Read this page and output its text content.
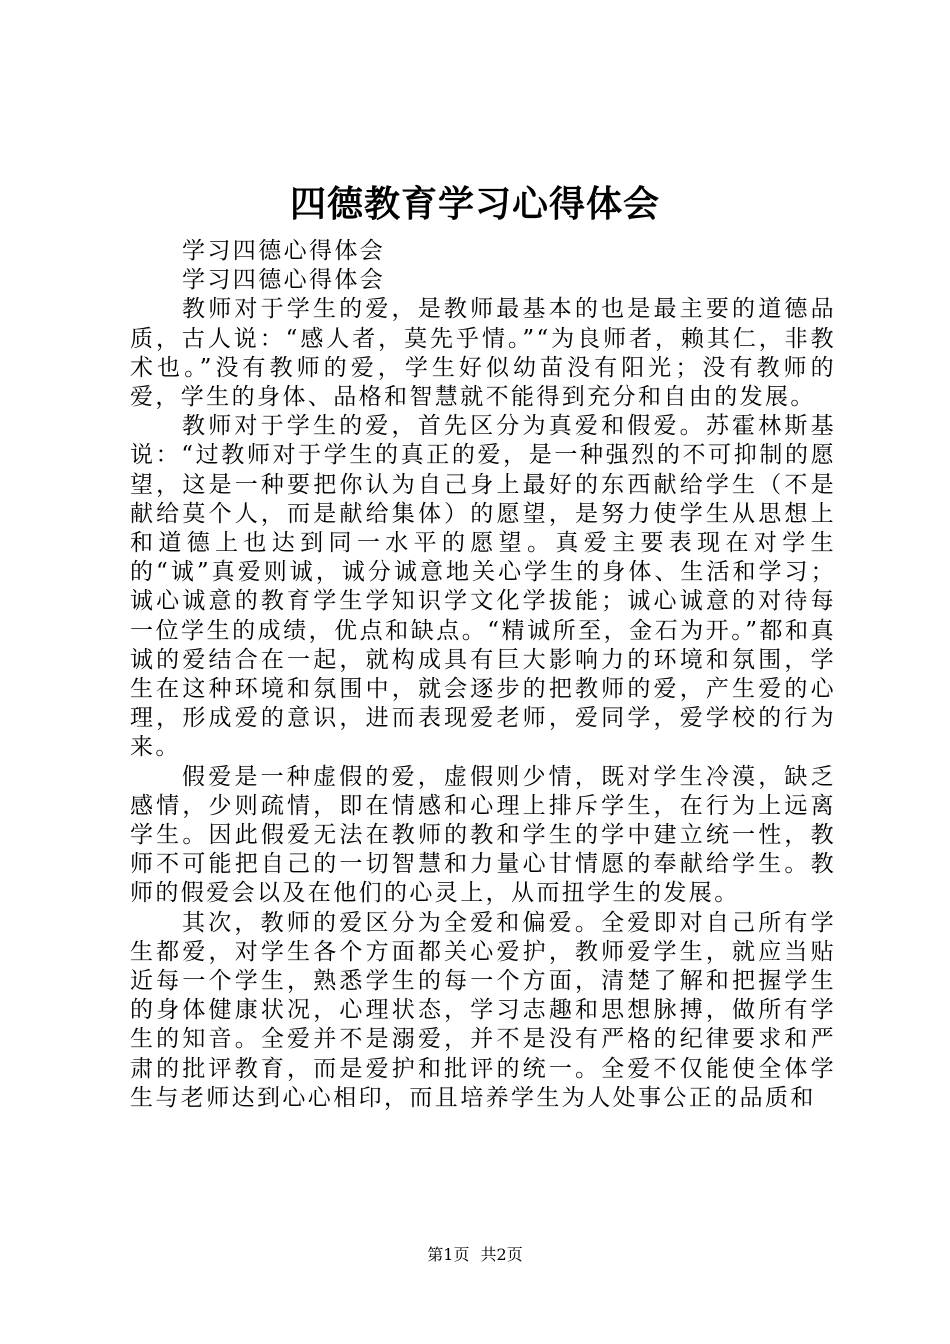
四德教育学习心得体会

学习四德心得体会

学习四德心得体会

教师对于学生的爱，是教师最基本的也是最主要的道德品质，古人说：“感人者，莫先乎情。”“为良师者，赖其仁，非教术也。”没有教师的爱，学生好似幼苗没有阳光；没有教师的爱，学生的身体、品格和智慧就不能得到充分和自由的发展。

教师对于学生的爱，首先区分为真爱和假爱。苏霍林斯基说：“过教师对于学生的真正的爱，是一种强烈的不可抑制的愿望，这是一种要把你认为自己身上最好的东西献给学生（不是献给莫个人，而是献给集体）的愿望，是努力使学生从思想上和道德上也达到同一水平的愿望。真爱主要表现在对学生的“诚”真爱则诚，诚分诚意地关心学生的身体、生活和学习；诚心诚意的教育学生学知识学文化学拔能；诚心诚意的对待每一位学生的成绩，优点和缺点。“精诚所至，金石为开。”都和真诚的爱结合在一起，就构成具有巨大影响力的环境和氛围，学生在这种环境和氛围中，就会逐步的把教师的爱，产生爱的心理，形成爱的意识，进而表现爱老师，爱同学，爱学校的行为来。

假爱是一种虚假的爱，虚假则少情，既对学生冷漠，缺乏感情，少则疏情，即在情感和心理上排斥学生，在行为上远离学生。因此假爱无法在教师的教和学生的学中建立统一性，教师不可能把自己的一切智慧和力量心甘情愿的奉献给学生。教师的假爱会以及在他们的心灵上，从而扭学生的发展。

其次，教师的爱区分为全爱和偏爱。全爱即对自己所有学生都爱，对学生各个方面都关心爱护，教师爱学生，就应当贴近每一个学生，熟悉学生的每一个方面，清楚了解和把握学生的身体健康状况，心理状态，学习志趣和思想脉搏，做所有学生的知音。全爱并不是溺爱，并不是没有严格的纪律要求和严肃的批评教育，而是爱护和批评的统一。全爱不仅能使全体学生与老师达到心心相印，而且培养学生为人处事公正的品质和

第1页 共2页
